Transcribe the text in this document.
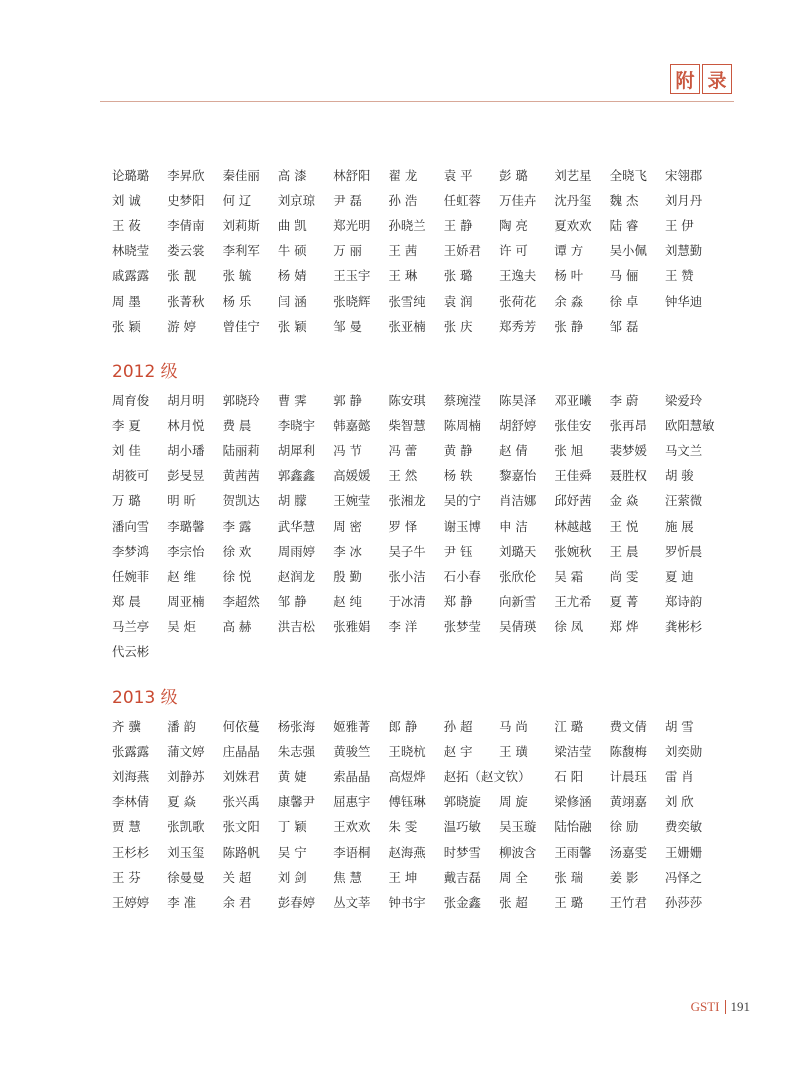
附 录
论璐璐	李昇欣	秦佳丽	高 漆	林舒阳	翟 龙	袁 平	彭 璐	刘艺星	全晓飞	宋翎郡
刘 诚	史梦阳	何 辽	刘京琼	尹 磊	孙 浩	任虹蓉	万佳卉	沈丹玺	魏 杰	刘月丹
王 莜	李倩南	刘莉斯	曲 凯	郑光明	孙晓兰	王 静	陶 亮	夏欢欢	陆 睿	王 伊
林晓莹	娄云裳	李利军	牛 硕	万 丽	王 茜	王娇君	许 可	谭 方	吴小佩	刘慧勤
戚露露	张 靓	张 毓	杨 婧	王玉宇	王 琳	张 璐	王逸夫	杨 叶	马 俪	王 赞
周 墨	张菁秋	杨 乐	闫 涵	张晓辉	张雪纯	袁 润	张荷花	余 淼	徐 卓	钟华迪
张 颖	游 婷	曾佳宁	张 颖	邹 曼	张亚楠	张 庆	郑秀芳	张 静	邹 磊
2012 级
周育俊	胡月明	郭晓玲	曹 霁	郭 静	陈安琪	蔡琬滢	陈昊泽	邓亚曦	李 蔚	梁爱玲
李 夏	林月悦	费 晨	李晓宇	韩嘉懿	柴智慧	陈周楠	胡舒婷	张佳安	张再昂	欧阳慧敏
刘 佳	胡小璠	陆丽莉	胡犀利	冯 节	冯 蕾	黄 静	赵 倩	张 旭	裴梦媛	马文兰
胡筱可	彭旻昱	黄茜茜	郭鑫鑫	高媛媛	王 然	杨 轶	黎嘉怡	王佳舜	聂胜权	胡 骏
万 璐	明 昕	贺凯达	胡 朦	王婉莹	张湘龙	吴的宁	肖洁娜	邱妤茜	金 焱	汪萦微
潘向雪	李璐馨	李 露	武华慧	周 密	罗 怿	谢玉博	申 洁	林越越	王 悦	施 展
李梦鸿	李宗怡	徐 欢	周雨婷	李 冰	吴子牛	尹 钰	刘璐天	张婉秋	王 晨	罗忻晨
任婉菲	赵 维	徐 悦	赵润龙	殷 勤	张小洁	石小春	张欣伦	吴 霜	尚 雯	夏 迪
郑 晨	周亚楠	李超然	邹 静	赵 纯	于冰清	郑 静	向新雪	王尤希	夏 菁	郑诗韵
马兰亭	吴 炬	高 赫	洪吉松	张雅娟	李 洋	张梦莹	吴倩瑛	徐 凤	郑 烨	龚彬杉
代云彬
2013 级
齐 骥	潘 韵	何依蔓	杨张海	姬雅菁	郎 静	孙 超	马 尚	江 璐	费文倩	胡 雪
张露露	蒲文婷	庄晶晶	朱志强	黄骏竺	王晓杭	赵 宇	王 璜	梁洁莹	陈馥梅	刘奕勋
刘海燕	刘静苏	刘姝君	黄 婕	索晶晶	高煜烨	赵拓（赵文钦） 石 阳	计晨珏	雷 肖
李林倩	夏 焱	张兴禹	康馨尹	屈惠宇	傅钰琳	郭晓旋	周 旋	梁修涵	黄翊嘉	刘 欣
贾 慧	张凯歌	张文阳	丁 颖	王欢欢	朱 雯	温巧敏	吴玉璇	陆怡融	徐 励	费奕敏
王杉杉	刘玉玺	陈路帆	吴 宁	李语桐	赵海燕	时梦雪	柳波含	王雨馨	汤嘉雯	王姗姗
王 芬	徐曼曼	关 超	刘 剑	焦 慧	王 坤	戴吉磊	周 全	张 瑞	姜 影	冯怿之
王婷婷	李 准	余 君	彭春婷	丛文莘	钟书宇	张金鑫	张 超	王 璐	王竹君	孙莎莎
GSTI 191
